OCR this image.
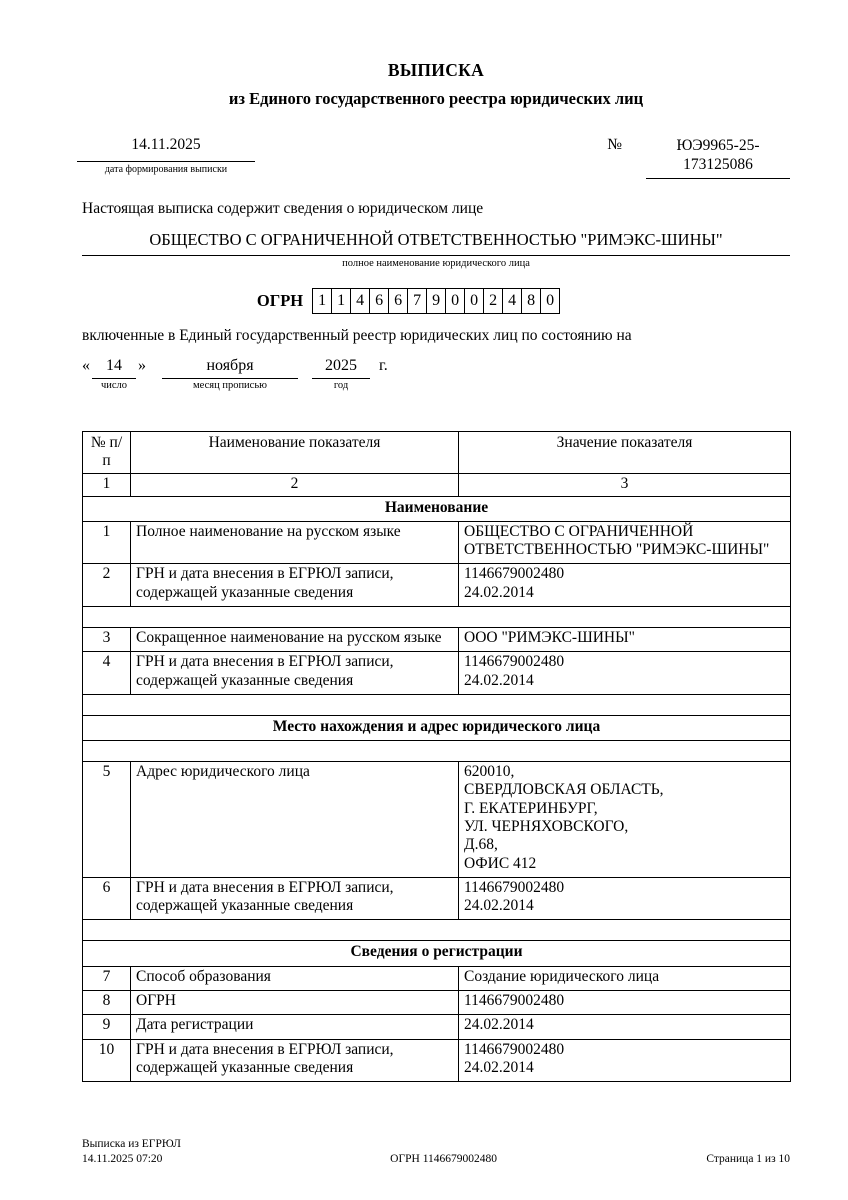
ВЫПИСКА
из Единого государственного реестра юридических лиц
14.11.2025
дата формирования выписки
№	ЮЭ9965-25-
173125086
Настоящая выписка содержит сведения о юридическом лице
ОБЩЕСТВО С ОГРАНИЧЕННОЙ ОТВЕТСТВЕННОСТЬЮ "РИМЭКС-ШИНЫ"
полное наименование юридического лица
ОГРН 1 1 4 6 6 7 9 0 0 2 4 8 0
включенные в Единый государственный реестр юридических лиц по состоянию на
« 14
число
»	ноября
месяц прописью
2025
год
г.
№ п/п	Наименование показателя	Значение показателя
1	2	3
Наименование		
1	Полное наименование на русском языке	ОБЩЕСТВО С ОГРАНИЧЕННОЙ ОТВЕТСТВЕННОСТЬЮ "РИМЭКС-ШИНЫ"

2	ГРН и дата внесения в ЕГРЮЛ записи, содержащей указанные сведения	1146679002480
24.02.2014

3	Сокращенное наименование на русском языке	ООО "РИМЭКС-ШИНЫ"

4	ГРН и дата внесения в ЕГРЮЛ записи, содержащей указанные сведения	1146679002480
24.02.2014

Место нахождения и адрес юридического лица		

5	Адрес юридического лица	620010,
СВЕРДЛОВСКАЯ ОБЛАСТЬ,
Г. ЕКАТЕРИНБУРГ,
УЛ. ЧЕРНЯХОВСКОГО,
Д.68,
ОФИС 412

6	ГРН и дата внесения в ЕГРЮЛ записи, содержащей указанные сведения	1146679002480
24.02.2014

Сведения о регистрации		
7	Способ образования	Создание юридического лица

8	ОГРН	1146679002480

9	Дата регистрации	24.02.2014

10	ГРН и дата внесения в ЕГРЮЛ записи, содержащей указанные сведения	1146679002480
24.02.2014
Выписка из ЕГРЮЛ
14.11.2025 07:20	ОГРН 1146679002480	Страница 1 из 10
